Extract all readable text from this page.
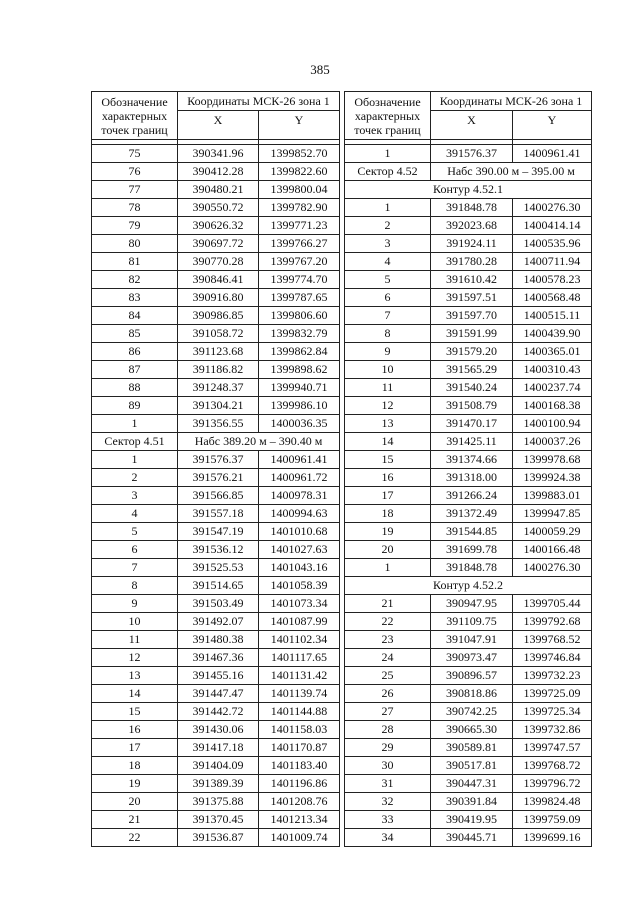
385
Обозначение характерных точек границ	Координаты МСК-26 зона 1	
	X	Y

75	390341.96	1399852.70
76	390412.28	1399822.60
77	390480.21	1399800.04
78	390550.72	1399782.90
79	390626.32	1399771.23
80	390697.72	1399766.27
81	390770.28	1399767.20
82	390846.41	1399774.70
83	390916.80	1399787.65
84	390986.85	1399806.60
85	391058.72	1399832.79
86	391123.68	1399862.84
87	391186.82	1399898.62
88	391248.37	1399940.71
89	391304.21	1399986.10
1	391356.55	1400036.35
Сектор 4.51	Набс 389.20 м – 390.40 м	
1	391576.37	1400961.41
2	391576.21	1400961.72
3	391566.85	1400978.31
4	391557.18	1400994.63
5	391547.19	1401010.68
6	391536.12	1401027.63
7	391525.53	1401043.16
8	391514.65	1401058.39
9	391503.49	1401073.34
10	391492.07	1401087.99
11	391480.38	1401102.34
12	391467.36	1401117.65
13	391455.16	1401131.42
14	391447.47	1401139.74
15	391442.72	1401144.88
16	391430.06	1401158.03
17	391417.18	1401170.87
18	391404.09	1401183.40
19	391389.39	1401196.86
20	391375.88	1401208.76
21	391370.45	1401213.34
22	391536.87	1401009.74
Обозначение характерных точек границ	Координаты МСК-26 зона 1	
	X	Y

1	391576.37	1400961.41
Сектор 4.52	Набс 390.00 м – 395.00 м	
Контур 4.52.1		
1	391848.78	1400276.30
2	392023.68	1400414.14
3	391924.11	1400535.96
4	391780.28	1400711.94
5	391610.42	1400578.23
6	391597.51	1400568.48
7	391597.70	1400515.11
8	391591.99	1400439.90
9	391579.20	1400365.01
10	391565.29	1400310.43
11	391540.24	1400237.74
12	391508.79	1400168.38
13	391470.17	1400100.94
14	391425.11	1400037.26
15	391374.66	1399978.68
16	391318.00	1399924.38
17	391266.24	1399883.01
18	391372.49	1399947.85
19	391544.85	1400059.29
20	391699.78	1400166.48
1	391848.78	1400276.30
Контур 4.52.2		
21	390947.95	1399705.44
22	391109.75	1399792.68
23	391047.91	1399768.52
24	390973.47	1399746.84
25	390896.57	1399732.23
26	390818.86	1399725.09
27	390742.25	1399725.34
28	390665.30	1399732.86
29	390589.81	1399747.57
30	390517.81	1399768.72
31	390447.31	1399796.72
32	390391.84	1399824.48
33	390419.95	1399759.09
34	390445.71	1399699.16
